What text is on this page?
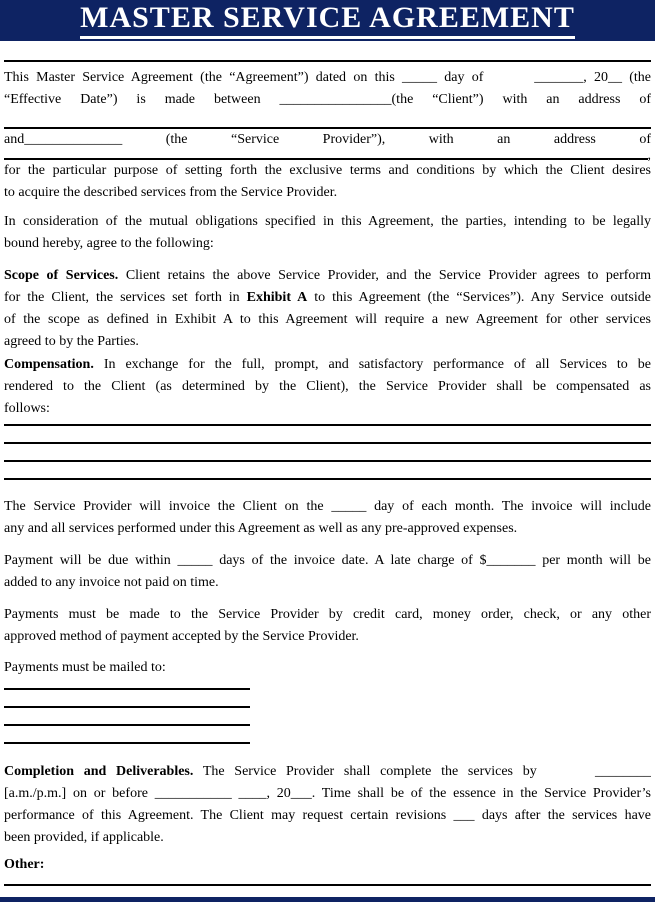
MASTER SERVICE AGREEMENT
This Master Service Agreement (the “Agreement”) dated on this _____ day of       _______, 20__ (the
“Effective Date”) is made between ________________(the “Client”) with an address of
and______________ (the “Service Provider”), with an address of
,
for the particular purpose of setting forth the exclusive terms and conditions by which the Client desires
to acquire the described services from the Service Provider.
In consideration of the mutual obligations specified in this Agreement, the parties, intending to be legally
bound hereby, agree to the following:
Scope of Services. Client retains the above Service Provider, and the Service Provider agrees to perform
for the Client, the services set forth in Exhibit A to this Agreement (the “Services”). Any Service outside
of the scope as defined in Exhibit A to this Agreement will require a new Agreement for other services
agreed to by the Parties.
Compensation. In exchange for the full, prompt, and satisfactory performance of all Services to be
rendered to the Client (as determined by the Client), the Service Provider shall be compensated as
follows:
The Service Provider will invoice the Client on the _____ day of each month. The invoice will include
any and all services performed under this Agreement as well as any pre-approved expenses.
Payment will be due within _____ days of the invoice date. A late charge of $_______ per month will be
added to any invoice not paid on time.
Payments must be made to the Service Provider by credit card, money order, check, or any other
approved method of payment accepted by the Service Provider.
Payments must be mailed to:
Completion and Deliverables. The Service Provider shall complete the services by      ________
[a.m./p.m.] on or before ___________ ____, 20___. Time shall be of the essence in the Service Provider’s
performance of this Agreement. The Client may request certain revisions ___ days after the services have
been provided, if applicable.
Other:
